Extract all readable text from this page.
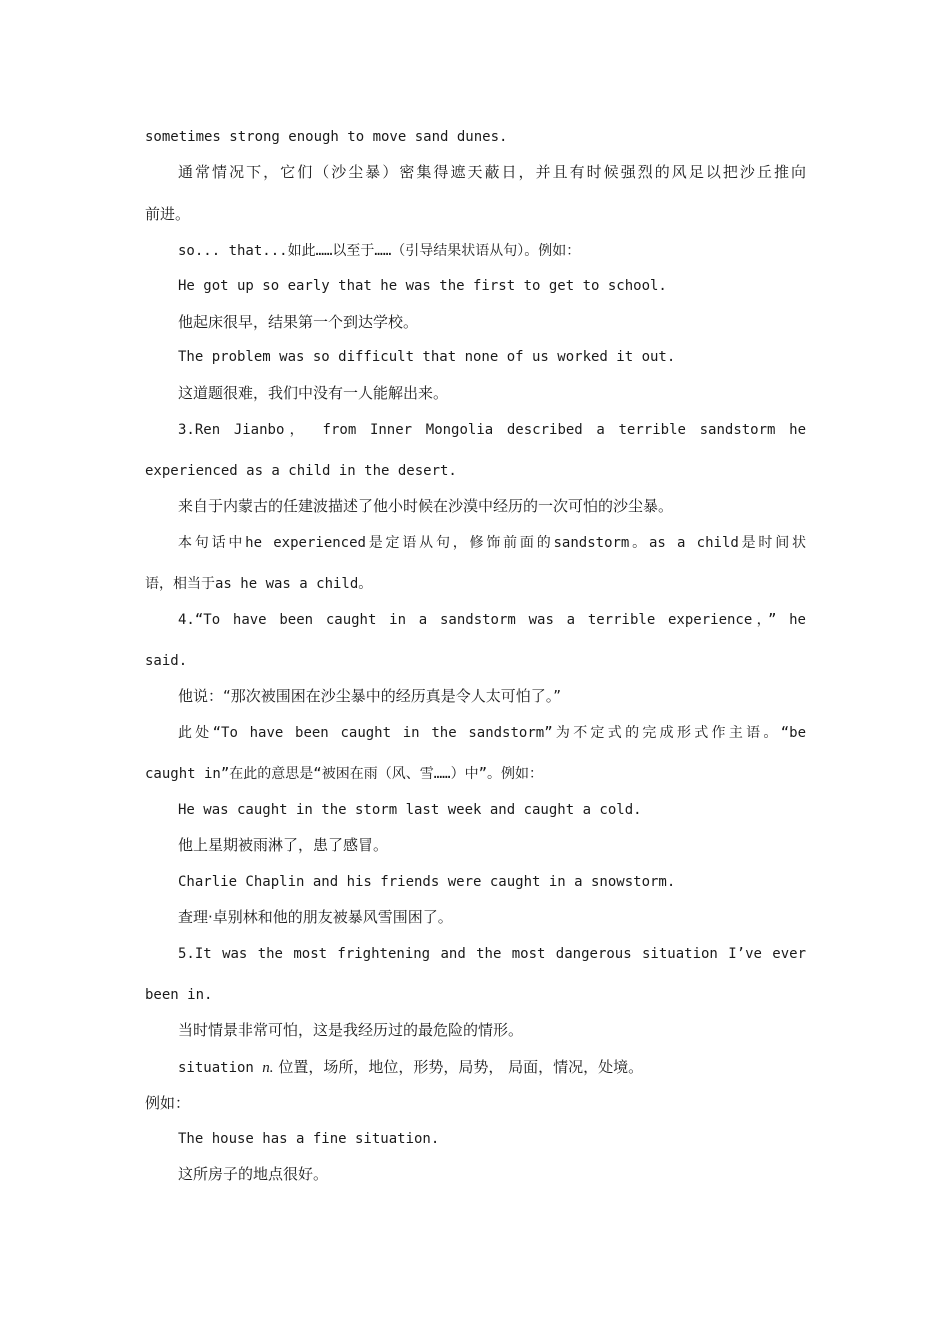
sometimes strong enough to move sand dunes.
通常情况下，它们（沙尘暴）密集得遮天蔽日，并且有时候强烈的风足以把沙丘推向
前进。
so... that...如此……以至于……（引导结果状语从句）。例如：
He got up so early that he was the first to get to school.
他起床很早，结果第一个到达学校。
The problem was so difficult that none of us worked it out.
这道题很难，我们中没有一人能解出来。
3.Ren Jianbo， from Inner Mongolia described a terrible sandstorm he
experienced as a child in the desert.
来自于内蒙古的任建波描述了他小时候在沙漠中经历的一次可怕的沙尘暴。
本句话中he experienced是定语从句，修饰前面的sandstorm。as a child是时间状
语，相当于as he was a child。
4.“To have been caught in a sandstorm was a terrible experience，” he
said.
他说：“那次被围困在沙尘暴中的经历真是令人太可怕了。”
此处“To have been caught in the sandstorm”为不定式的完成形式作主语。“be
caught in”在此的意思是“被困在雨（风、雪……）中”。例如：
He was caught in the storm last week and caught a cold.
他上星期被雨淋了，患了感冒。
Charlie Chaplin and his friends were caught in a snowstorm.
查理·卓别林和他的朋友被暴风雪围困了。
5.It was the most frightening and the most dangerous situation I’ve ever
been in.
当时情景非常可怕，这是我经历过的最危险的情形。
situation n. 位置，场所，地位，形势，局势， 局面，情况，处境。
例如：
The house has a fine situation.
这所房子的地点很好。
